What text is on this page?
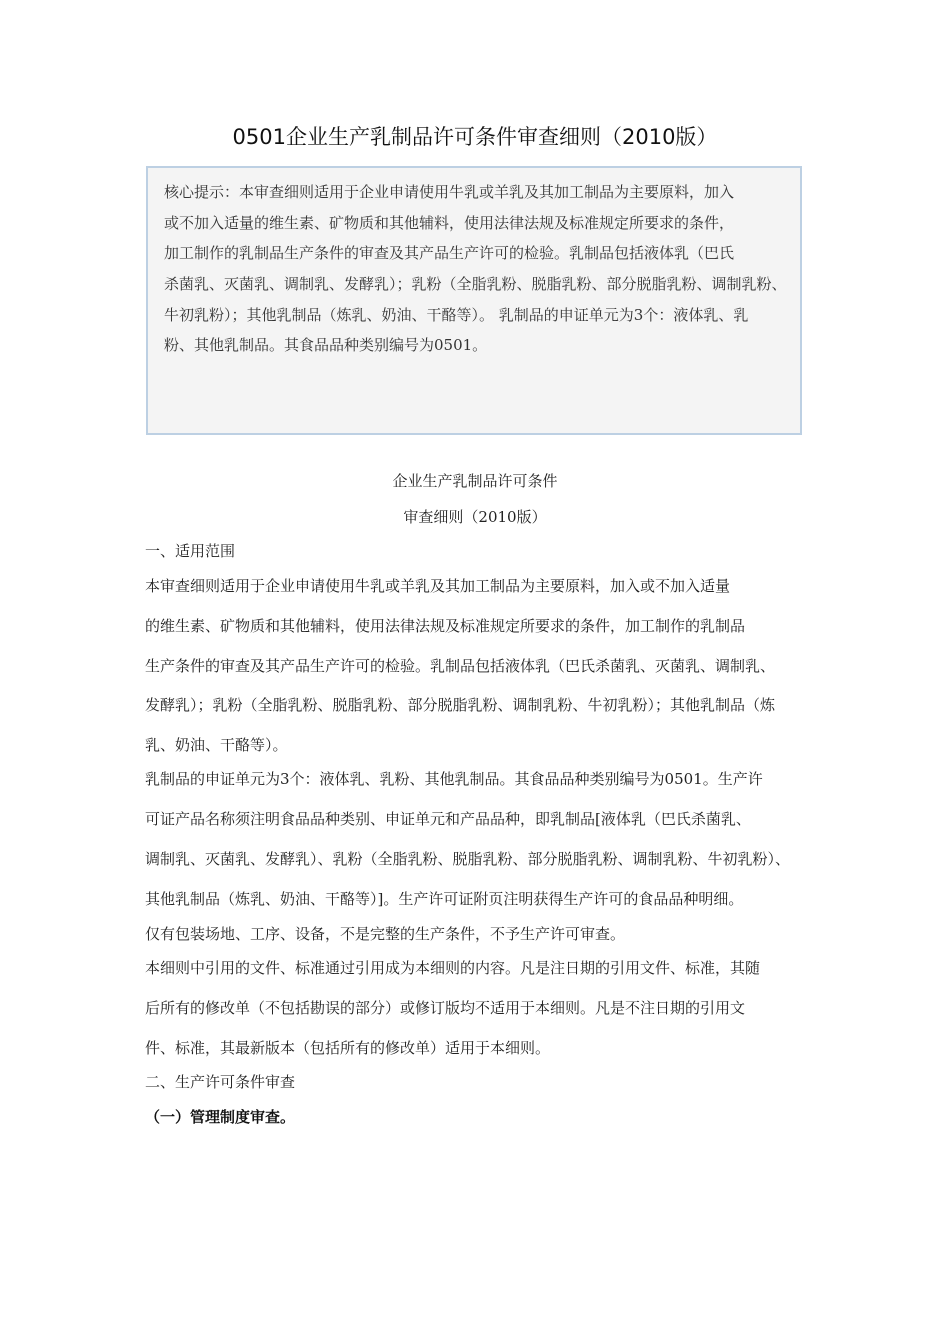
0501企业生产乳制品许可条件审查细则（2010版）
核心提示：本审查细则适用于企业申请使用牛乳或羊乳及其加工制品为主要原料，加入
或不加入适量的维生素、矿物质和其他辅料，使用法律法规及标准规定所要求的条件，
加工制作的乳制品生产条件的审查及其产品生产许可的检验。乳制品包括液体乳（巴氏
杀菌乳、灭菌乳、调制乳、发酵乳）；乳粉（全脂乳粉、脱脂乳粉、部分脱脂乳粉、调制乳粉、
牛初乳粉）；其他乳制品（炼乳、奶油、干酪等）。 乳制品的申证单元为3个：液体乳、乳
粉、其他乳制品。其食品品种类别编号为0501。
企业生产乳制品许可条件
审查细则（2010版）
一、适用范围
本审查细则适用于企业申请使用牛乳或羊乳及其加工制品为主要原料，加入或不加入适量
的维生素、矿物质和其他辅料，使用法律法规及标准规定所要求的条件，加工制作的乳制品
生产条件的审查及其产品生产许可的检验。乳制品包括液体乳（巴氏杀菌乳、灭菌乳、调制乳、
发酵乳）；乳粉（全脂乳粉、脱脂乳粉、部分脱脂乳粉、调制乳粉、牛初乳粉）；其他乳制品（炼
乳、奶油、干酪等）。
乳制品的申证单元为3个：液体乳、乳粉、其他乳制品。其食品品种类别编号为0501。生产许
可证产品名称须注明食品品种类别、申证单元和产品品种，即乳制品[液体乳（巴氏杀菌乳、
调制乳、灭菌乳、发酵乳）、乳粉（全脂乳粉、脱脂乳粉、部分脱脂乳粉、调制乳粉、牛初乳粉）、
其他乳制品（炼乳、奶油、干酪等）]。生产许可证附页注明获得生产许可的食品品种明细。
仅有包装场地、工序、设备，不是完整的生产条件，不予生产许可审查。
本细则中引用的文件、标准通过引用成为本细则的内容。凡是注日期的引用文件、标准，其随
后所有的修改单（不包括勘误的部分）或修订版均不适用于本细则。凡是不注日期的引用文
件、标准，其最新版本（包括所有的修改单）适用于本细则。
二、生产许可条件审查
（一）管理制度审查。
